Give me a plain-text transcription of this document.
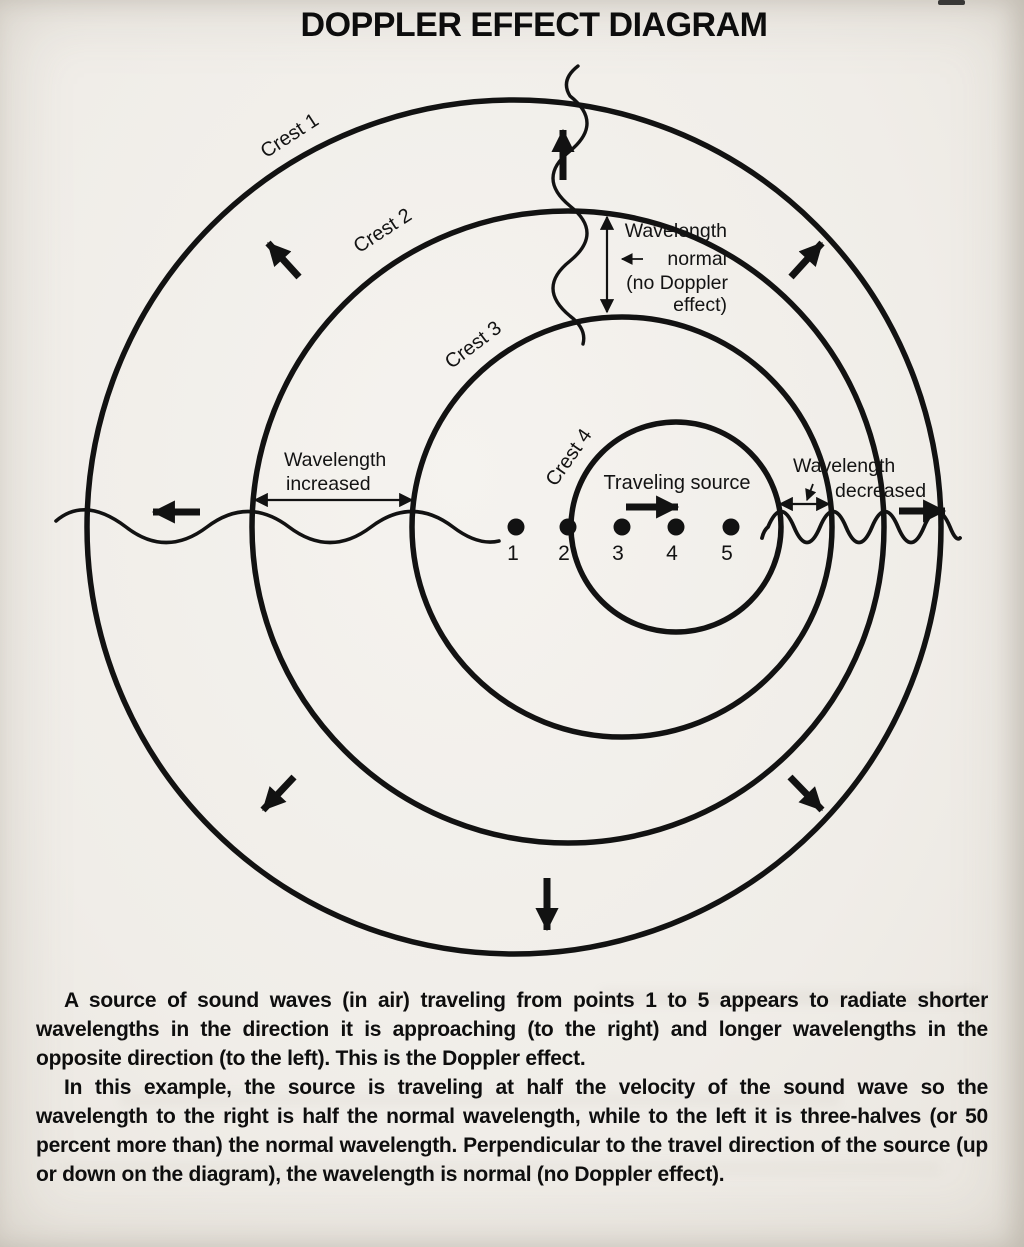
DOPPLER EFFECT DIAGRAM
1 2 3 4 5
Crest 1
Crest 2
Crest 3
Crest 4 Traveling source
Wavelength
normal
(no Doppler
effect)
Wavelength
increased
Wavelength
decreased

A source of sound waves (in air) traveling from points 1 to 5 appears to radiate shorter wavelengths in the direction it is approaching (to the right) and longer wavelengths in the opposite direction (to the left). This is the Doppler effect.

In this example, the source is traveling at half the velocity of the sound wave so the wavelength to the right is half the normal wavelength, while to the left it is three-halves (or 50 percent more than) the normal wavelength. Perpendicular to the travel direction of the source (up or down on the diagram), the wavelength is normal (no Doppler effect).
